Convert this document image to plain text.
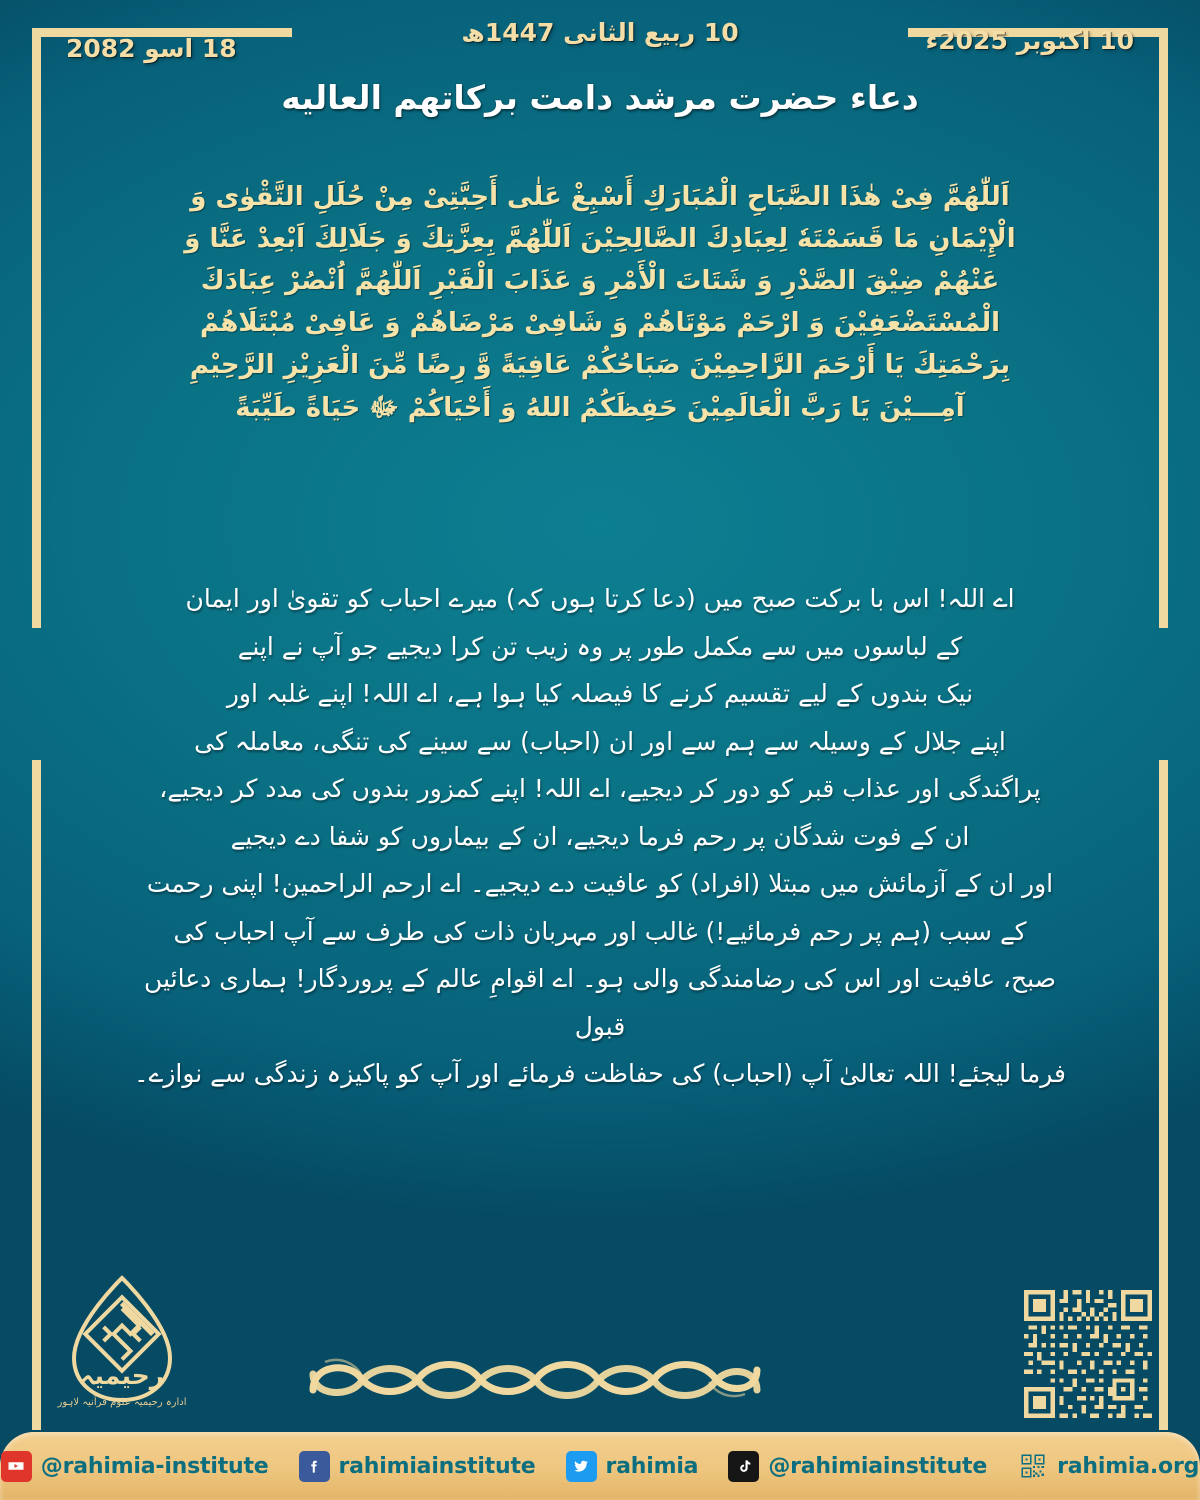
18 اسو 2082
10 ربیع الثانی 1447ھ	10 اکتوبر 2025ء
دعاء حضرت مرشد دامت برکاتهم العالیه
اَللّٰهُمَّ فِىْ هٰذَا الصَّبَاحِ الْمُبَارَكِ أَسْبِغْ عَلٰى أَحِبَّتِىْ مِنْ حُلَلِ التَّقْوٰى وَ الْإِيْمَانِ مَا قَسَمْتَهٗ لِعِبَادِكَ الصَّالِحِيْنَ اَللّٰهُمَّ بِعِزَّتِكَ وَ جَلَالِكَ اَبْعِدْ عَنَّا وَ عَنْهُمْ ضِيْقَ الصَّدْرِ وَ شَتَاتَ الْأَمْرِ وَ عَذَابَ الْقَبْرِ اَللّٰهُمَّ اُنْصُرْ عِبَادَكَ الْمُسْتَضْعَفِيْنَ وَ ارْحَمْ مَوْتَاهُمْ وَ شَافِىْ مَرْضَاهُمْ وَ عَافِىْ مُبْتَلَاهُمْ بِرَحْمَتِكَ يَا أَرْحَمَ الرَّاحِمِيْنَ صَبَاحُكُمْ عَافِيَةً وَّ رِضًا مِّنَ الْعَزِيْزِ الرَّحِيْمِ آمِـــيْنَ يَا رَبَّ الْعَالَمِيْنَ حَفِظَكُمُ اللهُ وَ أَحْيَاكُمْ ﷻ حَيَاةً طَيِّبَةً

اے اللہ! اس با برکت صبح میں (دعا کرتا ہوں کہ) میرے احباب کو تقویٰ اور ایمان

کے لباسوں میں سے مکمل طور پر وہ زیب تن کرا دیجیے جو آپ نے اپنے

نیک بندوں کے لیے تقسیم کرنے کا فیصلہ کیا ہوا ہے، اے اللہ! اپنے غلبہ اور

اپنے جلال کے وسیلہ سے ہم سے اور ان (احباب) سے سینے کی تنگی، معاملہ کی

پراگندگی اور عذاب قبر کو دور کر دیجیے، اے اللہ! اپنے کمزور بندوں کی مدد کر دیجیے،

ان کے فوت شدگان پر رحم فرما دیجیے، ان کے بیماروں کو شفا دے دیجیے

اور ان کے آزمائش میں مبتلا (افراد) کو عافیت دے دیجیے۔ اے ارحم الراحمین! اپنی رحمت

کے سبب (ہم پر رحم فرمائیے!) غالب اور مہربان ذات کی طرف سے آپ احباب کی

صبح، عافیت اور اس کی رضامندگی والی ہو۔ اے اقوامِ عالم کے پروردگار! ہماری دعائیں قبول

فرما لیجئے! اللہ تعالیٰ آپ (احباب) کی حفاظت فرمائے اور آپ کو پاکیزہ زندگی سے نوازے۔

رحیمیہ
ادارہ رحیمیہ علوم قرآنیہ لاہور
@rahimia-institute	rahimiainstitute	rahimia	@rahimiainstitute	rahimia.org
